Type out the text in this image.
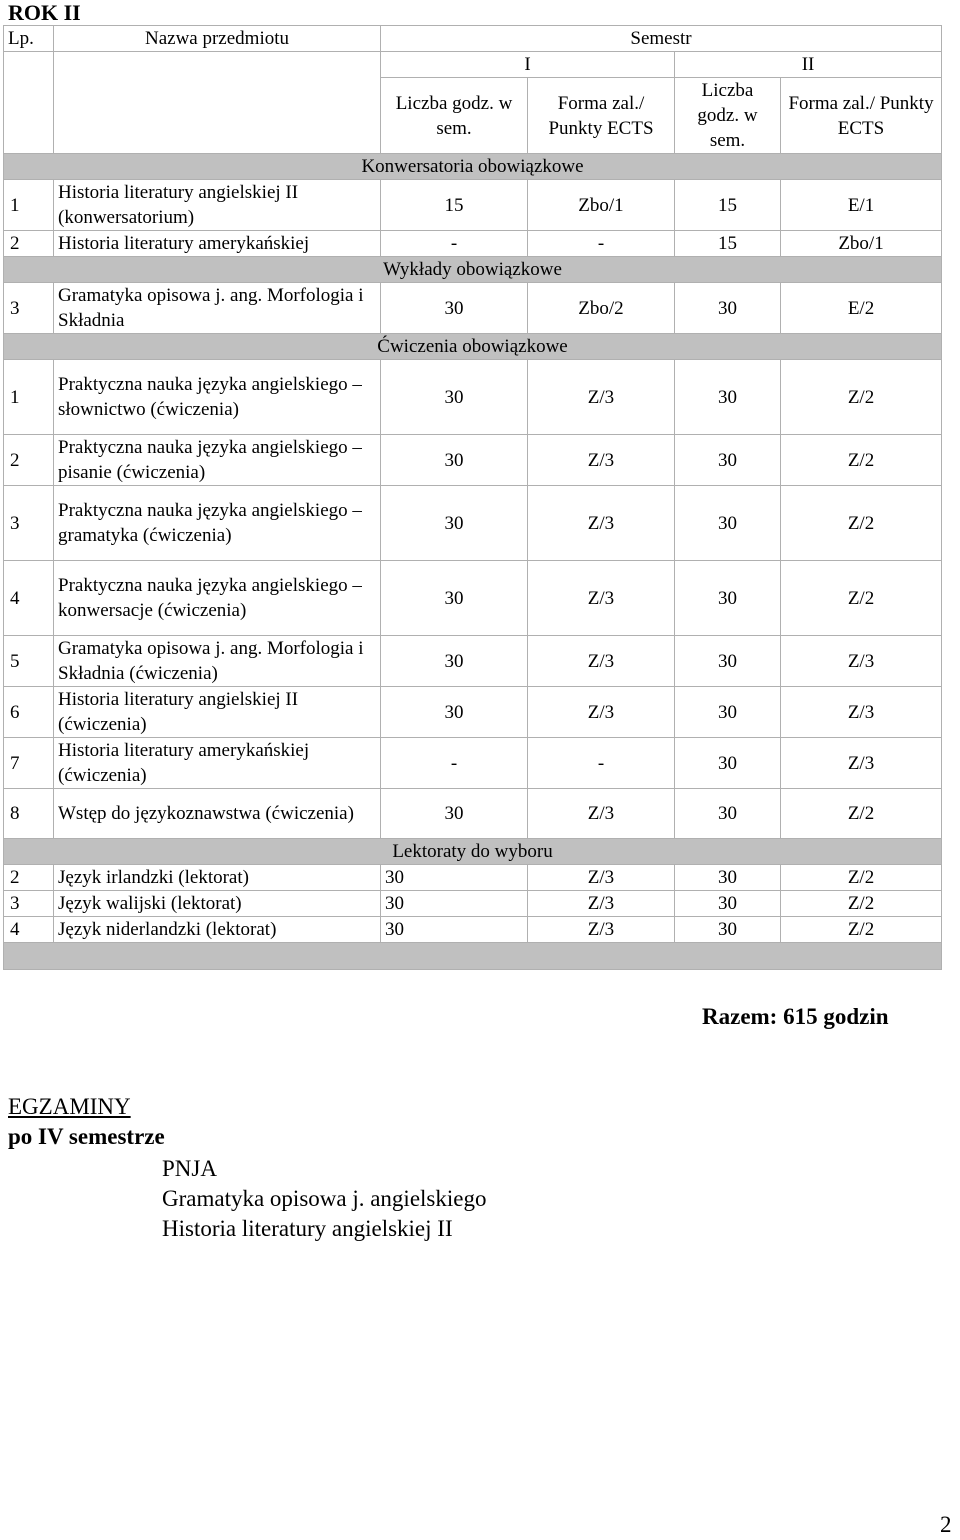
ROK II
Lp.	Nazwa przedmiotu	Semestr			
		I		II	
		Liczba godz. w sem.	Forma zal./ Punkty ECTS	Liczba godz. w sem.	Forma zal./ Punkty ECTS
Konwersatoria obowiązkowe					
1	Historia literatury angielskiej II (konwersatorium)	15	Zbo/1	15	E/1
2	Historia literatury amerykańskiej	-	-	15	Zbo/1
Wykłady obowiązkowe					
3	Gramatyka opisowa j. ang. Morfologia i Składnia	30	Zbo/2	30	E/2
Ćwiczenia obowiązkowe					
1	Praktyczna nauka języka angielskiego – słownictwo (ćwiczenia)	30	Z/3	30	Z/2
2	Praktyczna nauka języka angielskiego – pisanie (ćwiczenia)	30	Z/3	30	Z/2
3	Praktyczna nauka języka angielskiego – gramatyka (ćwiczenia)	30	Z/3	30	Z/2
4	Praktyczna nauka języka angielskiego – konwersacje (ćwiczenia)	30	Z/3	30	Z/2
5	Gramatyka opisowa j. ang. Morfologia i Składnia (ćwiczenia)	30	Z/3	30	Z/3
6	Historia literatury angielskiej II (ćwiczenia)	30	Z/3	30	Z/3
7	Historia literatury amerykańskiej (ćwiczenia)	-	-	30	Z/3
8	Wstęp do językoznawstwa (ćwiczenia)	30	Z/3	30	Z/2
Lektoraty do wyboru					
2	Język irlandzki (lektorat)	30	Z/3	30	Z/2
3	Język walijski (lektorat)	30	Z/3	30	Z/2
4	Język niderlandzki (lektorat)	30	Z/3	30	Z/2

Razem: 615 godzin
EGZAMINY
po IV semestrze
PNJA
Gramatyka opisowa j. angielskiego
Historia literatury angielskiej II
2
